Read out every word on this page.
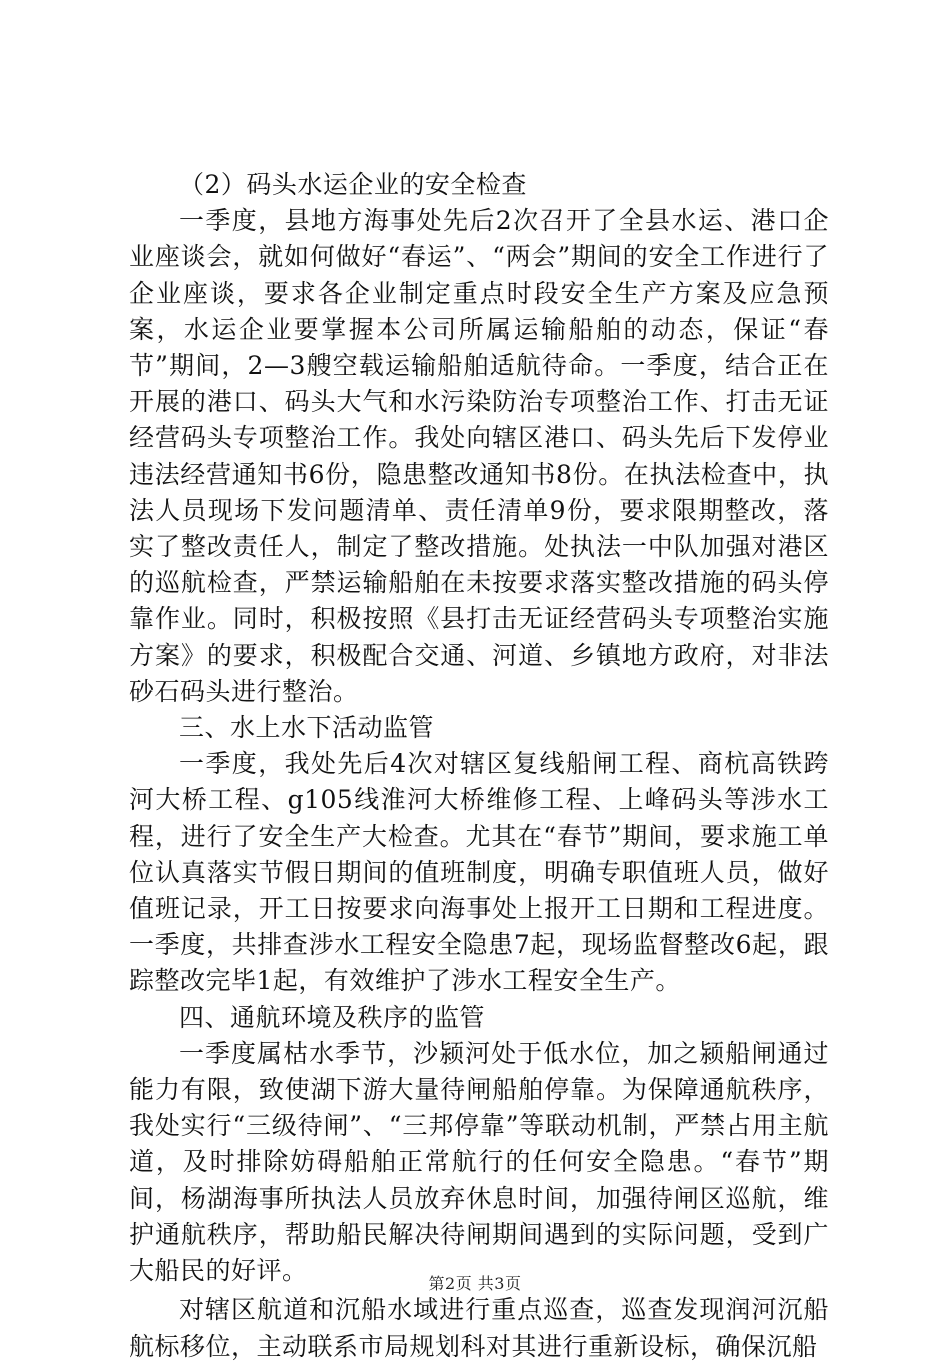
（2）码头水运企业的安全检查

一季度，县地方海事处先后2次召开了全县水运、港口企业座谈会，就如何做好“春运”、“两会”期间的安全工作进行了企业座谈，要求各企业制定重点时段安全生产方案及应急预案，水运企业要掌握本公司所属运输船舶的动态，保证“春节”期间，2—3艘空载运输船舶适航待命。一季度，结合正在开展的港口、码头大气和水污染防治专项整治工作、打击无证经营码头专项整治工作。我处向辖区港口、码头先后下发停业违法经营通知书6份，隐患整改通知书8份。在执法检查中，执法人员现场下发问题清单、责任清单9份，要求限期整改，落实了整改责任人，制定了整改措施。处执法一中队加强对港区的巡航检查，严禁运输船舶在未按要求落实整改措施的码头停靠作业。同时，积极按照《县打击无证经营码头专项整治实施方案》的要求，积极配合交通、河道、乡镇地方政府，对非法砂石码头进行整治。

三、水上水下活动监管

一季度，我处先后4次对辖区复线船闸工程、商杭高铁跨河大桥工程、g105线淮河大桥维修工程、上峰码头等涉水工程，进行了安全生产大检查。尤其在“春节”期间，要求施工单位认真落实节假日期间的值班制度，明确专职值班人员，做好值班记录，开工日按要求向海事处上报开工日期和工程进度。一季度，共排查涉水工程安全隐患7起，现场监督整改6起，跟踪整改完毕1起，有效维护了涉水工程安全生产。

四、通航环境及秩序的监管

一季度属枯水季节，沙颍河处于低水位，加之颍船闸通过能力有限，致使湖下游大量待闸船舶停靠。为保障通航秩序，我处实行“三级待闸”、“三邦停靠”等联动机制，严禁占用主航道，及时排除妨碍船舶正常航行的任何安全隐患。“春节”期间，杨湖海事所执法人员放弃休息时间，加强待闸区巡航，维护通航秩序，帮助船民解决待闸期间遇到的实际问题，受到广大船民的好评。

对辖区航道和沉船水域进行重点巡查，巡查发现润河沉船航标移位，主动联系市局规划科对其进行重新设标，确保沉船

第2页 共3页
